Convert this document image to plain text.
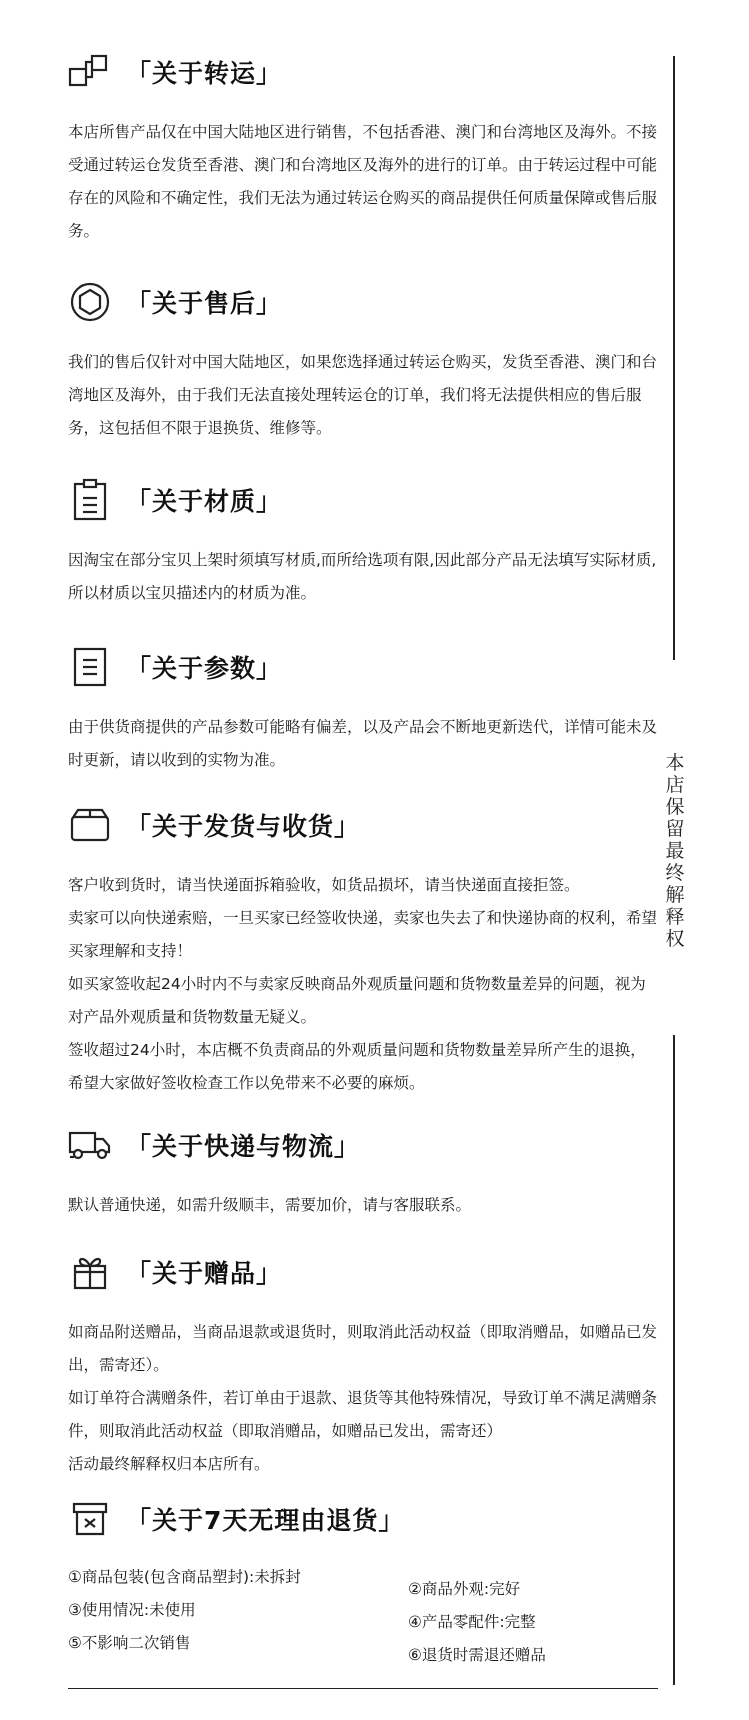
本
店
保
留
最
终
解
释
权
「关于转运」

本店所售产品仅在中国大陆地区进行销售，不包括香港、澳门和台湾地区及海外。不接受通过转运仓发货至香港、澳门和台湾地区及海外的进行的订单。由于转运过程中可能存在的风险和不确定性，我们无法为通过转运仓购买的商品提供任何质量保障或售后服务。

「关于售后」

我们的售后仅针对中国大陆地区，如果您选择通过转运仓购买，发货至香港、澳门和台湾地区及海外，由于我们无法直接处理转运仓的订单，我们将无法提供相应的售后服务，这包括但不限于退换货、维修等。

「关于材质」

因淘宝在部分宝贝上架时须填写材质,而所给选项有限,因此部分产品无法填写实际材质,所以材质以宝贝描述内的材质为准。

「关于参数」

由于供货商提供的产品参数可能略有偏差，以及产品会不断地更新迭代，详情可能未及时更新，请以收到的实物为准。

「关于发货与收货」

客户收到货时，请当快递面拆箱验收，如货品损坏，请当快递面直接拒签。

卖家可以向快递索赔，一旦买家已经签收快递，卖家也失去了和快递协商的权利，希望买家理解和支持！

如买家签收起24小时内不与卖家反映商品外观质量问题和货物数量差异的问题，视为对产品外观质量和货物数量无疑义。

签收超过24小时，本店概不负责商品的外观质量问题和货物数量差异所产生的退换，希望大家做好签收检查工作以免带来不必要的麻烦。

「关于快递与物流」

默认普通快递，如需升级顺丰，需要加价，请与客服联系。

「关于赠品」

如商品附送赠品，当商品退款或退货时，则取消此活动权益（即取消赠品，如赠品已发出，需寄还）。

如订单符合满赠条件，若订单由于退款、退货等其他特殊情况，导致订单不满足满赠条件，则取消此活动权益（即取消赠品，如赠品已发出，需寄还）

活动最终解释权归本店所有。

「关于7天无理由退货」
①商品包装(包含商品塑封):未拆封
③使用情况:未使用
⑤不影响二次销售
②商品外观:完好
④产品零配件:完整
⑥退货时需退还赠品
